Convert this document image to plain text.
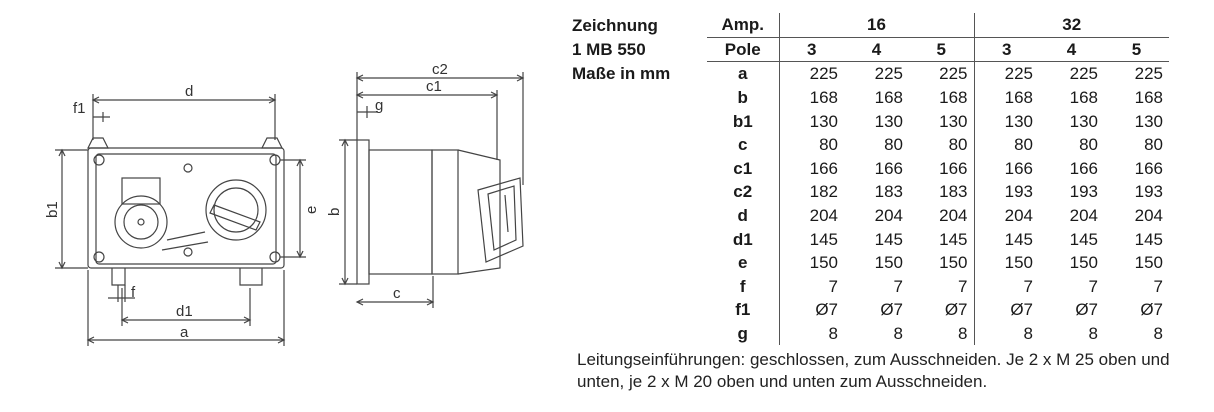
d
f1
b1	e
f
d1
a
c2
c1
g
b
c
Zeichnung	Amp.	16			32		
1 MB 550	Pole	3	4	5	3	4	5
Maße in mm	a	225	225	225	225	225	225
	b	168	168	168	168	168	168
	b1	130	130	130	130	130	130
	c	80	80	80	80	80	80
	c1	166	166	166	166	166	166
	c2	182	183	183	193	193	193
	d	204	204	204	204	204	204
	d1	145	145	145	145	145	145
	e	150	150	150	150	150	150
	f	7	7	7	7	7	7
	f1	Ø7	Ø7	Ø7	Ø7	Ø7	Ø7
	g	8	8	8	8	8	8
Leitungseinführungen: geschlossen, zum Ausschneiden. Je 2 x M 25 oben und unten, je 2 x M 20 oben und unten zum Ausschneiden.
